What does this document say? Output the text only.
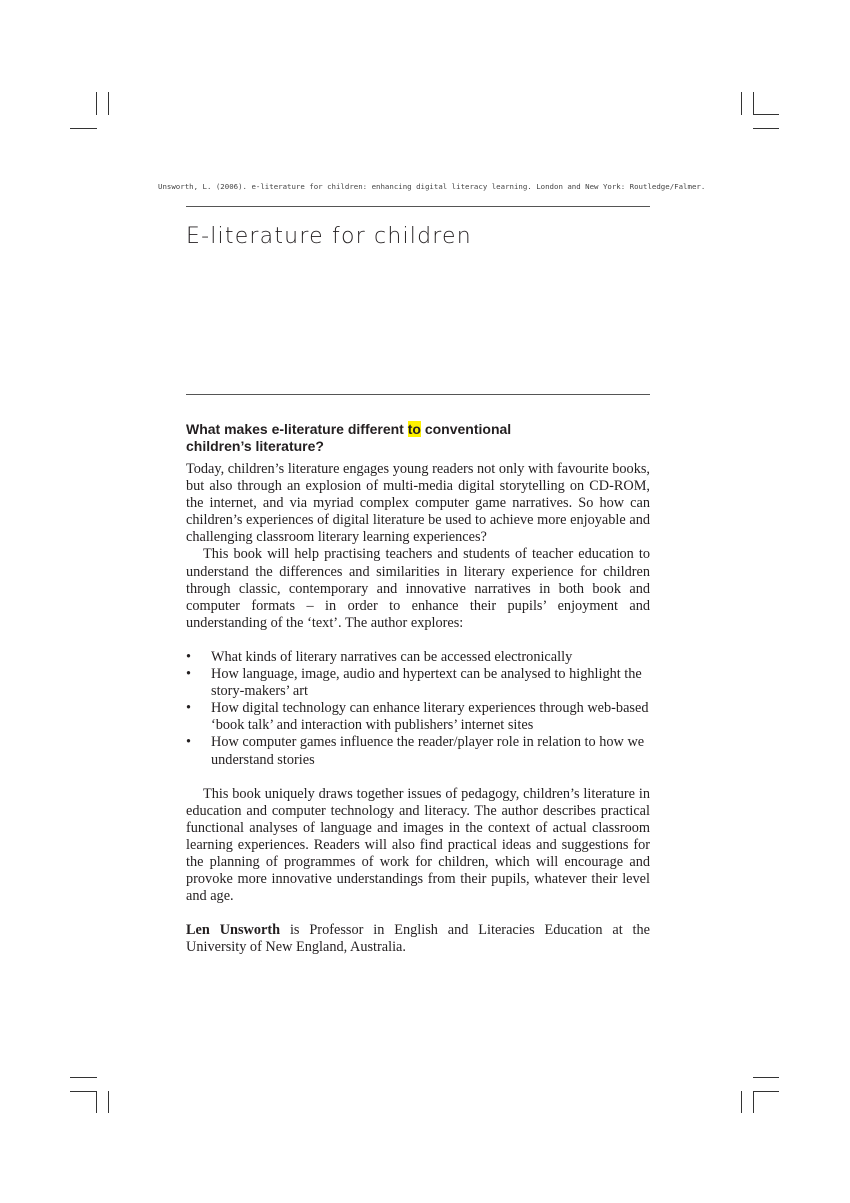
Unsworth, L. (2006). e-literature for children: enhancing digital literacy learning. London and New York: Routledge/Falmer.
E-literature for children
What makes e-literature different to conventional children’s literature?

Today, children’s literature engages young readers not only with favourite books, but also through an explosion of multi-media digital storytelling on CD-ROM, the internet, and via myriad complex computer game narratives. So how can children’s experiences of digital literature be used to achieve more enjoyable and challenging classroom literary learning experiences?

This book will help practising teachers and students of teacher education to understand the differences and similarities in literary experience for children through classic, contemporary and innovative narratives in both book and computer formats – in order to enhance their pupils’ enjoyment and understanding of the ‘text’. The author explores:

• What kinds of literary narratives can be accessed electronically
• How language, image, audio and hypertext can be analysed to highlight the story-makers’ art
• How digital technology can enhance literary experiences through web-based ‘book talk’ and interaction with publishers’ internet sites
• How computer games influence the reader/player role in relation to how we understand stories

This book uniquely draws together issues of pedagogy, children’s literature in education and computer technology and literacy. The author describes practical functional analyses of language and images in the context of actual classroom learning experiences. Readers will also find practical ideas and suggestions for the planning of programmes of work for children, which will encourage and provoke more innovative understandings from their pupils, whatever their level and age.

Len Unsworth is Professor in English and Literacies Education at the University of New England, Australia.
